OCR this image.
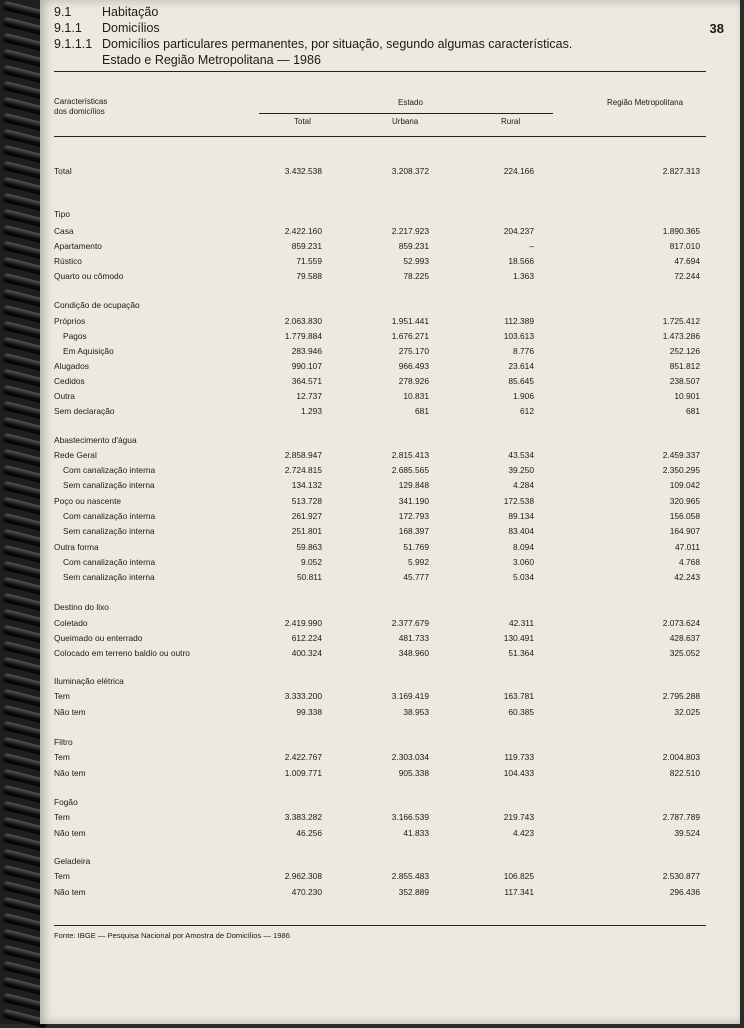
9.1 Habitação
9.1.1 Domicílios
9.1.1.1 Domicílios particulares permanentes, por situação, segundo algumas características.
Estado e Região Metropolitana — 1986
38
Características
dos domicílios
Estado	Região Metropolitana
Total	Urbana	Rural
Total	3.432.538	3.208.372	224.166	2.827.313
Tipo
Casa	2.422.160	2.217.923	204.237	1.890.365
Apartamento	859.231	859.231	–	817.010
Rústico	71.559	52.993	18.566	47.694
Quarto ou cômodo	79.588	78.225	1.363	72.244
Condição de ocupação
Próprios	2.063.830	1.951.441	112.389	1.725.412
Pagos	1.779.884	1.676.271	103.613	1.473.286
Em Aquisição	283.946	275.170	8.776	252.126
Alugados	990.107	966.493	23.614	851.812
Cedidos	364.571	278.926	85.645	238.507
Outra	12.737	10.831	1.906	10.901
Sem declaração	1.293	681	612	681
Abastecimento d'água
Rede Geral	2.858.947	2.815.413	43.534	2.459.337
Com canalização interna	2.724.815	2.685.565	39.250	2.350.295
Sem canalização interna	134.132	129.848	4.284	109.042
Poço ou nascente	513.728	341.190	172.538	320.965
Com canalização interna	261.927	172.793	89.134	156.058
Sem canalização interna	251.801	168.397	83.404	164.907
Outra forma	59.863	51.769	8.094	47.011
Com canalização interna	9.052	5.992	3.060	4.768
Sem canalização interna	50.811	45.777	5.034	42.243
Destino do lixo
Coletado	2.419.990	2.377.679	42.311	2.073.624
Queimado ou enterrado	612.224	481.733	130.491	428.637
Colocado em terreno baldio ou outro	400.324	348.960	51.364	325.052
Iluminação elétrica
Tem	3.333.200	3.169.419	163.781	2.795.288
Não tem	99.338	38.953	60.385	32.025
Filtro
Tem	2.422.767	2.303.034	119.733	2.004.803
Não tem	1.009.771	905.338	104.433	822.510
Fogão
Tem	3.383.282	3.166.539	219.743	2.787.789
Não tem	46.256	41.833	4.423	39.524
Geladeira
Tem	2.962.308	2.855.483	106.825	2.530.877
Não tem	470.230	352.889	117.341	296.436
Fonte: IBGE — Pesquisa Nacional por Amostra de Domicílios — 1986
